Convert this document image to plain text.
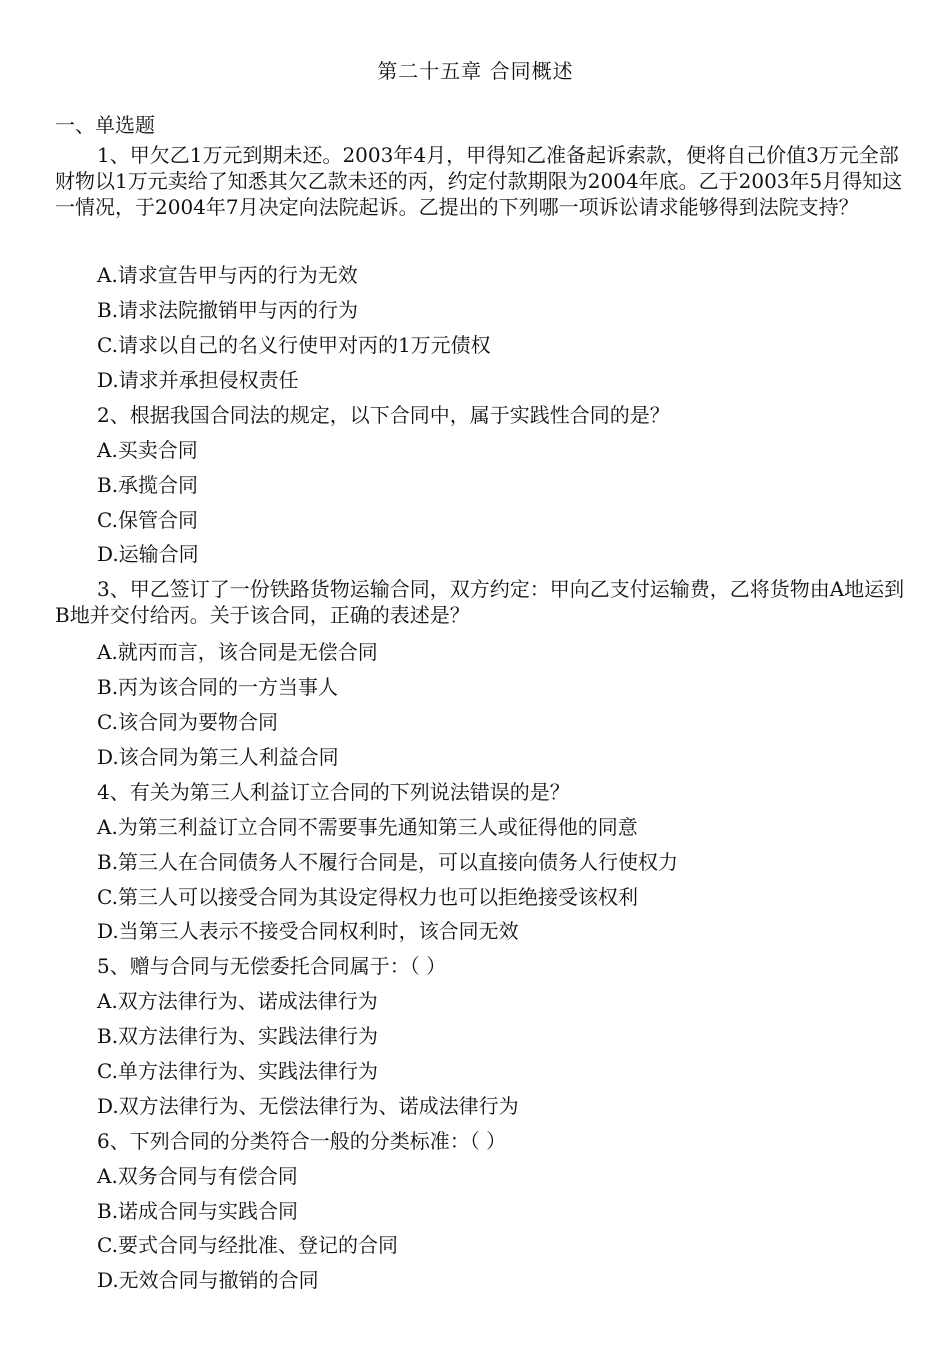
第二十五章 合同概述
一、单选题
1、甲欠乙1万元到期未还。2003年4月，甲得知乙准备起诉索款，便将自己价值3万元全部财物以1万元卖给了知悉其欠乙款未还的丙，约定付款期限为2004年底。乙于2003年5月得知这一情况，于2004年7月决定向法院起诉。乙提出的下列哪一项诉讼请求能够得到法院支持？
A.请求宣告甲与丙的行为无效
B.请求法院撤销甲与丙的行为
C.请求以自己的名义行使甲对丙的1万元债权
D.请求并承担侵权责任
2、根据我国合同法的规定，以下合同中，属于实践性合同的是？
A.买卖合同
B.承揽合同
C.保管合同
D.运输合同
3、甲乙签订了一份铁路货物运输合同，双方约定：甲向乙支付运输费，乙将货物由A地运到B地并交付给丙。关于该合同，正确的表述是？
A.就丙而言，该合同是无偿合同
B.丙为该合同的一方当事人
C.该合同为要物合同
D.该合同为第三人利益合同
4、有关为第三人利益订立合同的下列说法错误的是？
A.为第三利益订立合同不需要事先通知第三人或征得他的同意
B.第三人在合同债务人不履行合同是，可以直接向债务人行使权力
C.第三人可以接受合同为其设定得权力也可以拒绝接受该权利
D.当第三人表示不接受合同权利时，该合同无效
5、赠与合同与无偿委托合同属于：（ ）
A.双方法律行为、诺成法律行为
B.双方法律行为、实践法律行为
C.单方法律行为、实践法律行为
D.双方法律行为、无偿法律行为、诺成法律行为
6、下列合同的分类符合一般的分类标准：（ ）
A.双务合同与有偿合同
B.诺成合同与实践合同
C.要式合同与经批准、登记的合同
D.无效合同与撤销的合同
